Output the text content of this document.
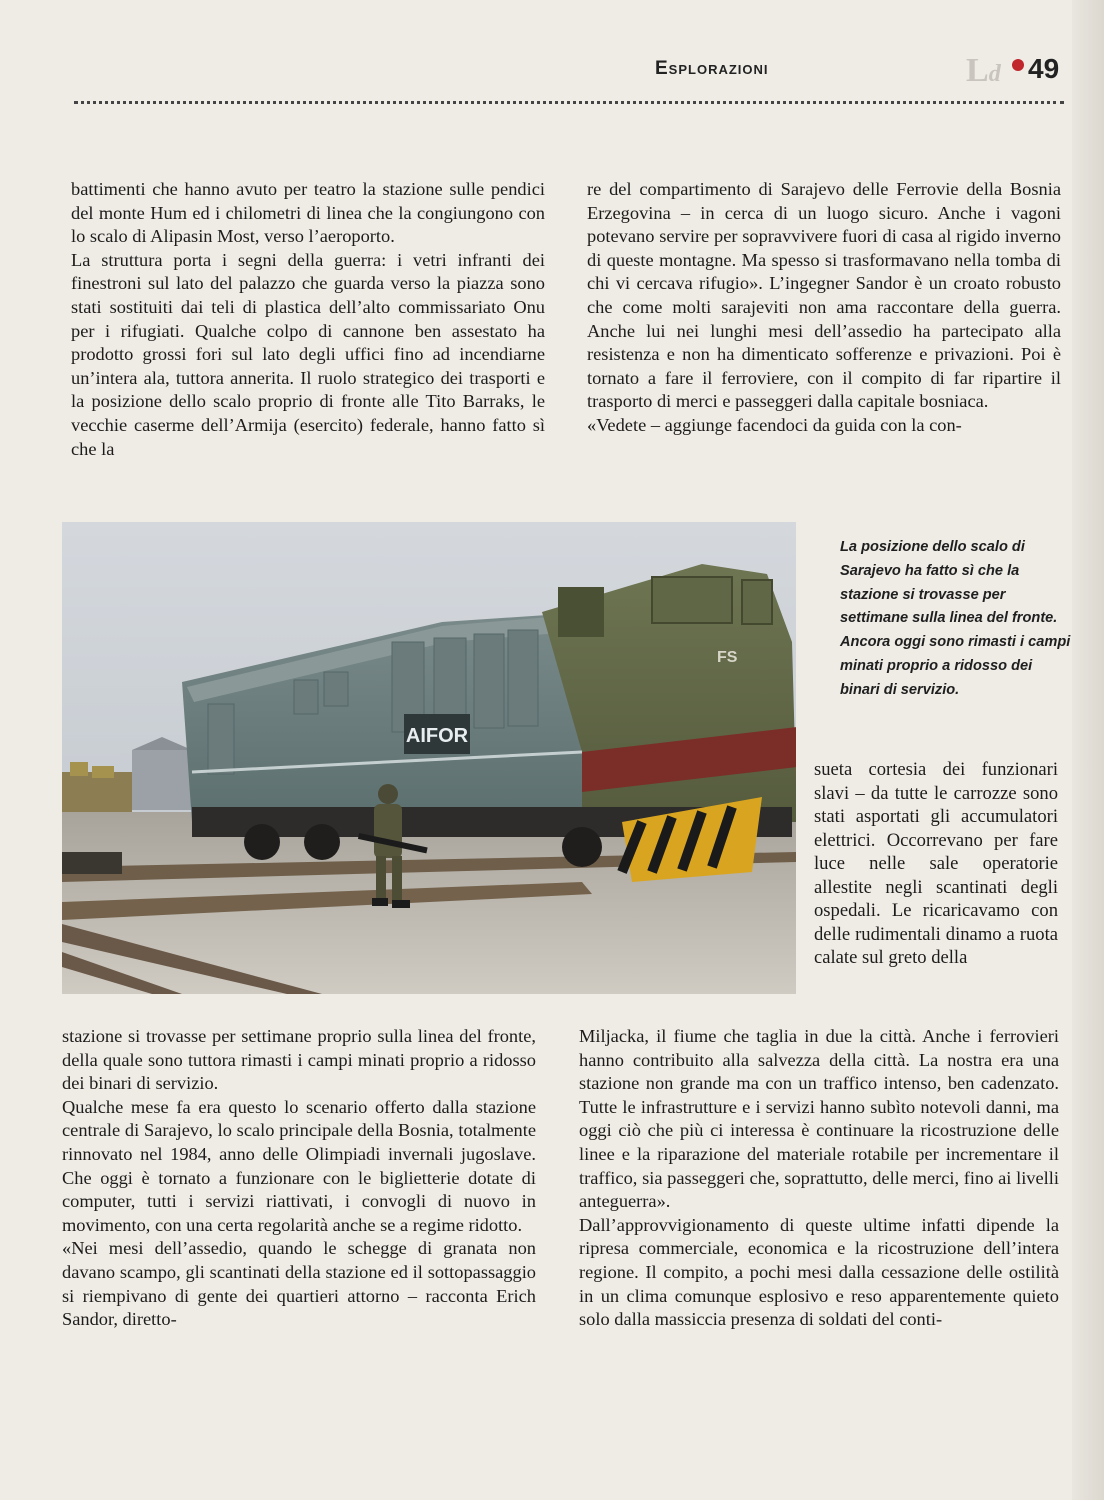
Esplorazioni	Ld 49

battimenti che hanno avuto per teatro la stazione sulle pendici del monte Hum ed i chilometri di linea che la congiungono con lo scalo di Alipasin Most, verso l’aeroporto.

La struttura porta i segni della guerra: i vetri infranti dei finestroni sul lato del palazzo che guarda verso la piazza sono stati sostituiti dai teli di plastica dell’alto commissariato Onu per i rifugiati. Qualche colpo di cannone ben assestato ha prodotto grossi fori sul lato degli uffici fino ad incendiarne un’intera ala, tuttora annerita. Il ruolo strategico dei trasporti e la posizione dello scalo proprio di fronte alle Tito Barraks, le vecchie caserme dell’Armija (esercito) federale, hanno fatto sì che la

re del compartimento di Sarajevo delle Ferrovie della Bosnia Erzegovina – in cerca di un luogo sicuro. Anche i vagoni potevano servire per sopravvivere fuori di casa al rigido inverno di queste montagne. Ma spesso si trasformavano nella tomba di chi vi cercava rifugio». L’ingegner Sandor è un croato robusto che come molti sarajeviti non ama raccontare della guerra. Anche lui nei lunghi mesi dell’assedio ha partecipato alla resistenza e non ha dimenticato sofferenze e privazioni. Poi è tornato a fare il ferroviere, con il compito di far ripartire il trasporto di merci e passeggeri dalla capitale bosniaca.

«Vedete – aggiunge facendoci da guida con la con-

AIFOR
FS

La posizione dello scalo di Sarajevo ha fatto sì che la stazione si trovasse per settimane sulla linea del fronte. Ancora oggi sono rimasti i campi minati proprio a ridosso dei binari di servizio.

sueta cortesia dei funzionari slavi – da tutte le carrozze sono stati asportati gli accumulatori elettrici. Occorrevano per fare luce nelle sale operatorie allestite negli scantinati degli ospedali. Le ricaricavamo con delle rudimentali dinamo a ruota calate sul greto della

stazione si trovasse per settimane proprio sulla linea del fronte, della quale sono tuttora rimasti i campi minati proprio a ridosso dei binari di servizio.

Qualche mese fa era questo lo scenario offerto dalla stazione centrale di Sarajevo, lo scalo principale della Bosnia, totalmente rinnovato nel 1984, anno delle Olimpiadi invernali jugoslave. Che oggi è tornato a funzionare con le biglietterie dotate di computer, tutti i servizi riattivati, i convogli di nuovo in movimento, con una certa regolarità anche se a regime ridotto.

«Nei mesi dell’assedio, quando le schegge di granata non davano scampo, gli scantinati della stazione ed il sottopassaggio si riempivano di gente dei quartieri attorno – racconta Erich Sandor, diretto-

Miljacka, il fiume che taglia in due la città. Anche i ferrovieri hanno contribuito alla salvezza della città. La nostra era una stazione non grande ma con un traffico intenso, ben cadenzato. Tutte le infrastrutture e i servizi hanno subìto notevoli danni, ma oggi ciò che più ci interessa è continuare la ricostruzione delle linee e la riparazione del materiale rotabile per incrementare il traffico, sia passeggeri che, soprattutto, delle merci, fino ai livelli anteguerra».

Dall’approvvigionamento di queste ultime infatti dipende la ripresa commerciale, economica e la ricostruzione dell’intera regione. Il compito, a pochi mesi dalla cessazione delle ostilità in un clima comunque esplosivo e reso apparentemente quieto solo dalla massiccia presenza di soldati del conti-
